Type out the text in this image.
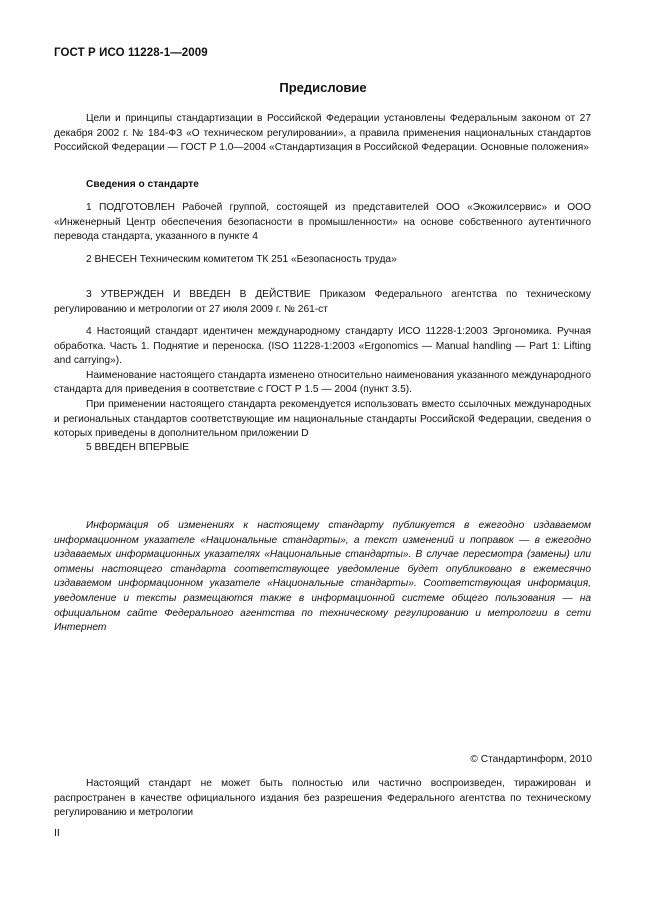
ГОСТ Р ИСО 11228-1—2009
Предисловие

Цели и принципы стандартизации в Российской Федерации установлены Федеральным законом от 27 декабря 2002 г. № 184-ФЗ «О техническом регулировании», а правила применения национальных стандартов Российской Федерации — ГОСТ Р 1.0—2004 «Стандартизация в Российской Федерации. Основные положения»

Сведения о стандарте

1 ПОДГОТОВЛЕН Рабочей группой, состоящей из представителей ООО «Экожилсервис» и ООО «Инженерный Центр обеспечения безопасности в промышленности» на основе собственного аутентичного перевода стандарта, указанного в пункте 4

2 ВНЕСЕН Техническим комитетом ТК 251 «Безопасность труда»

3 УТВЕРЖДЕН И ВВЕДЕН В ДЕЙСТВИЕ Приказом Федерального агентства по техническому регулированию и метрологии от 27 июля 2009 г. № 261-ст

4 Настоящий стандарт идентичен международному стандарту ИСО 11228-1:2003 Эргономика. Ручная обработка. Часть 1. Поднятие и переноска. (ISO 11228-1:2003 «Ergonomics — Manual handling — Part 1: Lifting and carrying»).

Наименование настоящего стандарта изменено относительно наименования указанного международного стандарта для приведения в соответствие с ГОСТ Р 1.5 — 2004 (пункт 3.5).

При применении настоящего стандарта рекомендуется использовать вместо ссылочных международных и региональных стандартов соответствующие им национальные стандарты Российской Федерации, сведения о которых приведены в дополнительном приложении D

5 ВВЕДЕН ВПЕРВЫЕ

Информация об изменениях к настоящему стандарту публикуется в ежегодно издаваемом информационном указателе «Национальные стандарты», а текст изменений и поправок — в ежегодно издаваемых информационных указателях «Национальные стандарты». В случае пересмотра (замены) или отмены настоящего стандарта соответствующее уведомление будет опубликовано в ежемесячно издаваемом информационном указателе «Национальные стандарты». Соответствующая информация, уведомление и тексты размещаются также в информационной системе общего пользования — на официальном сайте Федерального агентства по техническому регулированию и метрологии в сети Интернет

© Стандартинформ, 2010

Настоящий стандарт не может быть полностью или частично воспроизведен, тиражирован и распространен в качестве официального издания без разрешения Федерального агентства по техническому регулированию и метрологии

II
